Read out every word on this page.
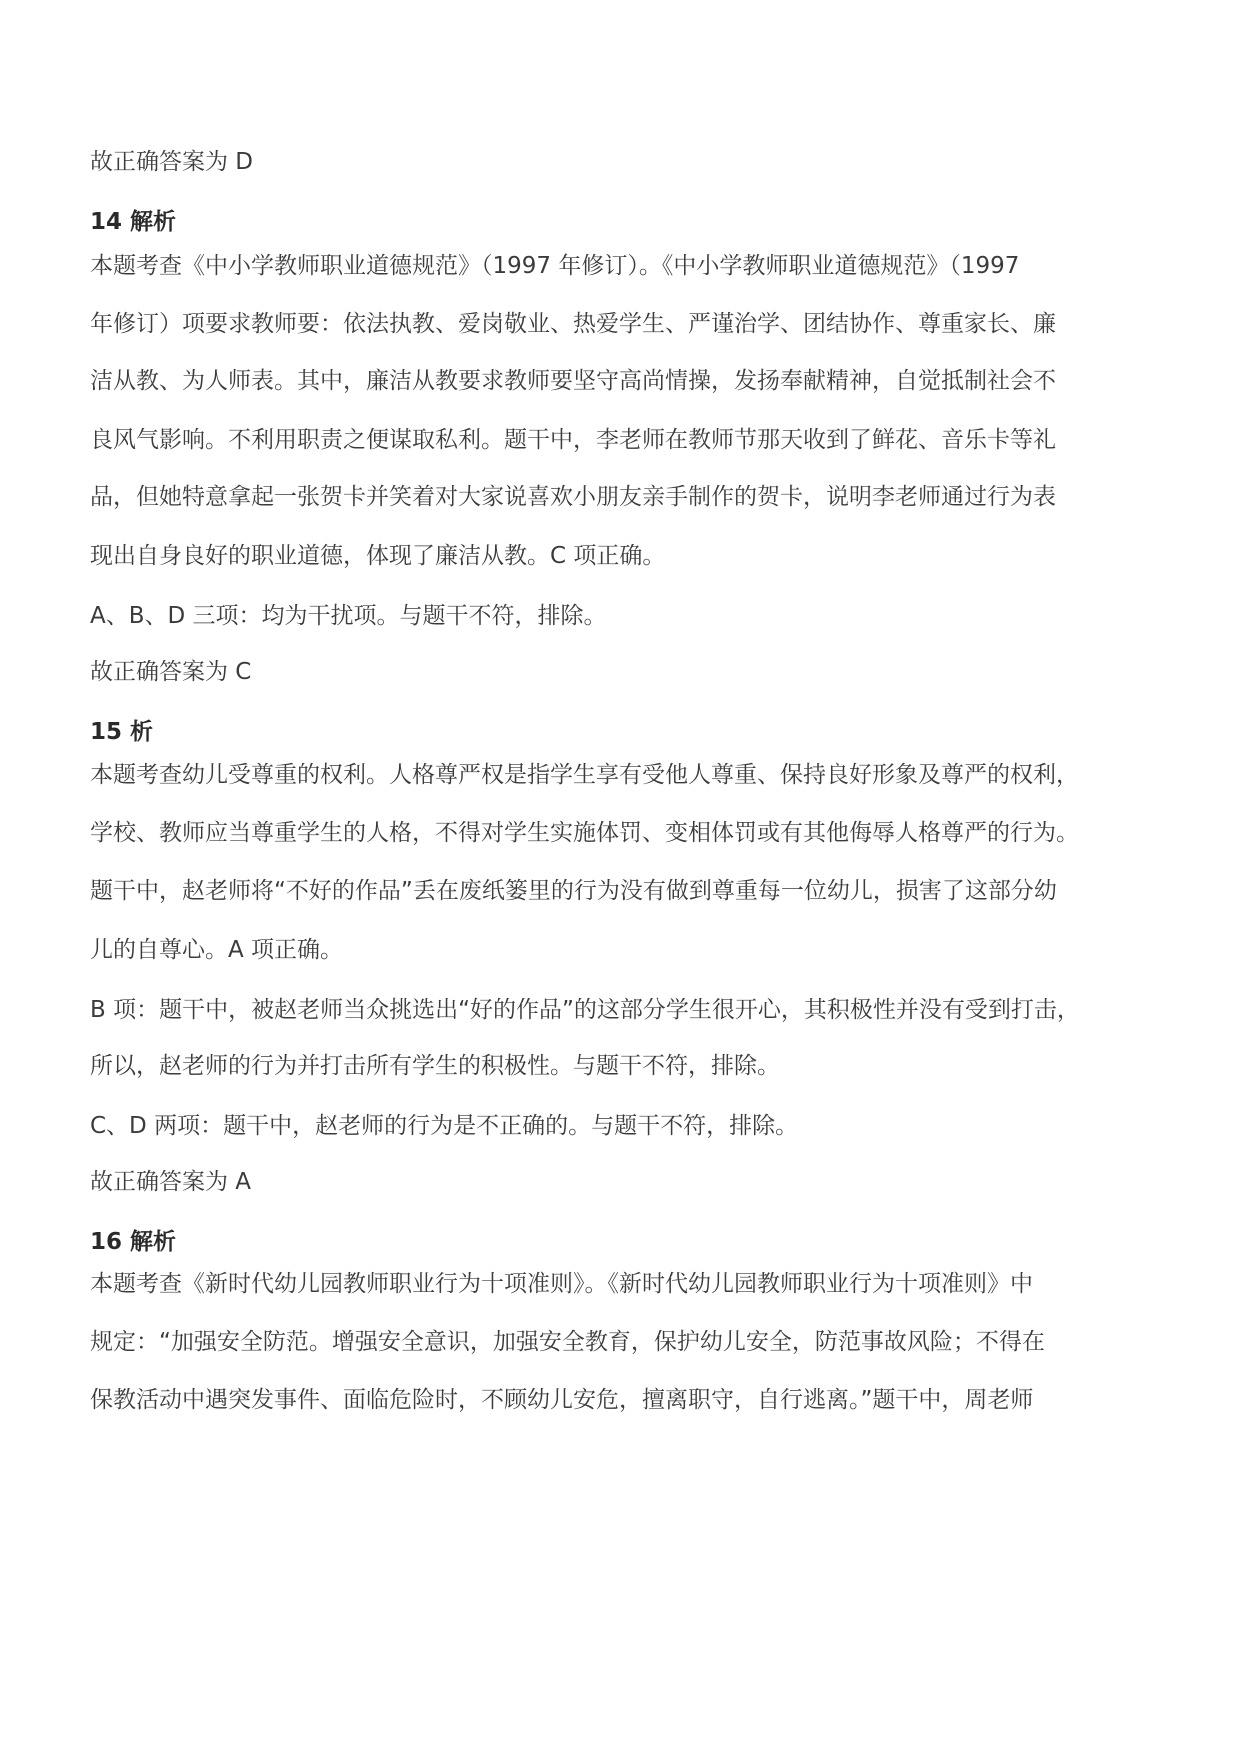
故正确答案为 D
14 解析
本题考查《中小学教师职业道德规范》（1997 年修订）。《中小学教师职业道德规范》（1997
年修订）项要求教师要：依法执教、爱岗敬业、热爱学生、严谨治学、团结协作、尊重家长、廉
洁从教、为人师表。其中，廉洁从教要求教师要坚守高尚情操，发扬奉献精神，自觉抵制社会不
良风气影响。不利用职责之便谋取私利。题干中，李老师在教师节那天收到了鲜花、音乐卡等礼
品，但她特意拿起一张贺卡并笑着对大家说喜欢小朋友亲手制作的贺卡，说明李老师通过行为表
现出自身良好的职业道德，体现了廉洁从教。C 项正确。
A、B、D 三项：均为干扰项。与题干不符，排除。
故正确答案为 C
15 析
本题考查幼儿受尊重的权利。人格尊严权是指学生享有受他人尊重、保持良好形象及尊严的权利，
学校、教师应当尊重学生的人格，不得对学生实施体罚、变相体罚或有其他侮辱人格尊严的行为。
题干中，赵老师将“不好的作品”丢在废纸篓里的行为没有做到尊重每一位幼儿，损害了这部分幼
儿的自尊心。A 项正确。
B 项：题干中，被赵老师当众挑选出“好的作品”的这部分学生很开心，其积极性并没有受到打击，
所以，赵老师的行为并打击所有学生的积极性。与题干不符，排除。
C、D 两项：题干中，赵老师的行为是不正确的。与题干不符，排除。
故正确答案为 A
16 解析
本题考查《新时代幼儿园教师职业行为十项准则》。《新时代幼儿园教师职业行为十项准则》中
规定：“加强安全防范。增强安全意识，加强安全教育，保护幼儿安全，防范事故风险；不得在
保教活动中遇突发事件、面临危险时，不顾幼儿安危，擅离职守，自行逃离。”题干中，周老师
